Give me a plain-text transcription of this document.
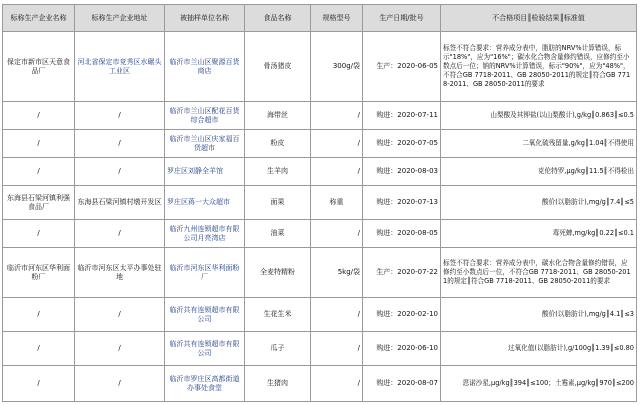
标称生产企业名称	标称生产企业地址	被抽样单位名称	食品名称	规格型号	生产日期/批号	不合格项目║检验结果║标准值
保定市新市区天意食品厂	河北省保定市竞秀区水碾头工业区	临沂市兰山区聚源百货商店	骨汤猪皮	300g/袋	生产：2020-06-05	标签不符合要求：营养成分表中，脂肪的NRV%计算错误，标示"18%"，应为"16%"；碳水化合物含量修约错误，应修约至小数点后一位；钠的NRV%计算错误，标示"90%"，应为"48%"，不符合GB 7718-2011、GB 28050-2011的规定║符合GB 7718-2011、GB 28050-2011的要求
/	/	临沂市兰山区配花百货综合超市	海带丝	/	购进：2020-07-11	山梨酸及其钾盐(以山梨酸计),g/kg║0.863║≤0.5
/	/	临沂市兰山区庆家福百货超市	粉皮	/	购进：2020-07-05	二氧化硫残留量,g/kg║1.04║不得使用
/	/	罗庄区刘静全羊馆	生羊肉	/	购进：2020-08-03	克伦特罗,μg/kg║11.5║不得检出
东海县石梁河镇利强食品厂	东海县石梁河镇村墩开发区	罗庄区蒋一大众超市	面果	称重	购进：2020-07-13	酸价(以脂肪计),mg/g║7.4║≤5
/	/	临沂九州连锁超市有限公司月亮湾店	油菜	/	购进：2020-08-05	毒死蜱,mg/kg║0.22║≤0.1
临沂市河东区华利面粉厂	临沂市河东区太平办事处驻地	临沂市河东区华利面粉厂	全麦特精粉	5kg/袋	生产：2020-07-22	标签不符合要求：营养成分表中，碳水化合物含量修约错误，应修约至小数点后一位，不符合GB 7718-2011、GB 28050-2011的规定║符合GB 7718-2011、GB 28050-2011的要求
/	/	临沂共有连锁超市有限公司	生花生米	/	购进：2020-02-10	酸价(以脂肪计),mg/g║4.1║≤3
/	/	临沂共有连锁超市有限公司	瓜子	/	购进：2020-06-10	过氧化值(以脂肪计),g/100g║1.39║≤0.80
/	/	临沂市罗庄区高都街道办事处食堂	生猪肉	/	购进：2020-08-07	恩诺沙星,μg/kg║394║≤100；土霉素,μg/kg║970║≤200
